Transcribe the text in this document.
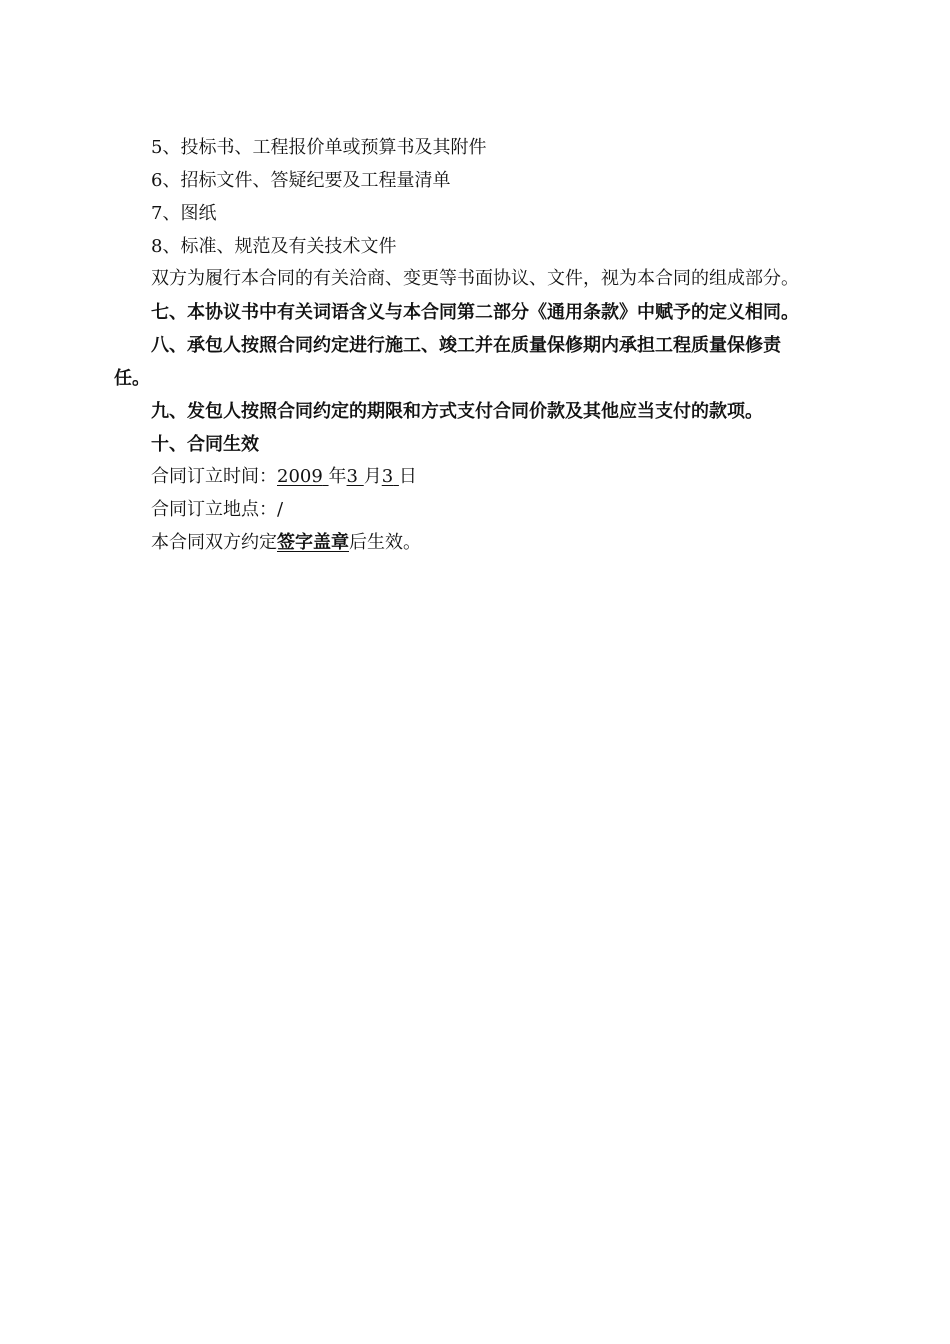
5、投标书、工程报价单或预算书及其附件
6、招标文件、答疑纪要及工程量清单
7、图纸
8、标准、规范及有关技术文件
双方为履行本合同的有关洽商、变更等书面协议、文件，视为本合同的组成部分。
七、本协议书中有关词语含义与本合同第二部分《通用条款》中赋予的定义相同。
八、承包人按照合同约定进行施工、竣工并在质量保修期内承担工程质量保修责
任。
九、发包人按照合同约定的期限和方式支付合同价款及其他应当支付的款项。
十、合同生效
合同订立时间：2009 年3 月3 日
合同订立地点：/
本合同双方约定签字盖章后生效。
